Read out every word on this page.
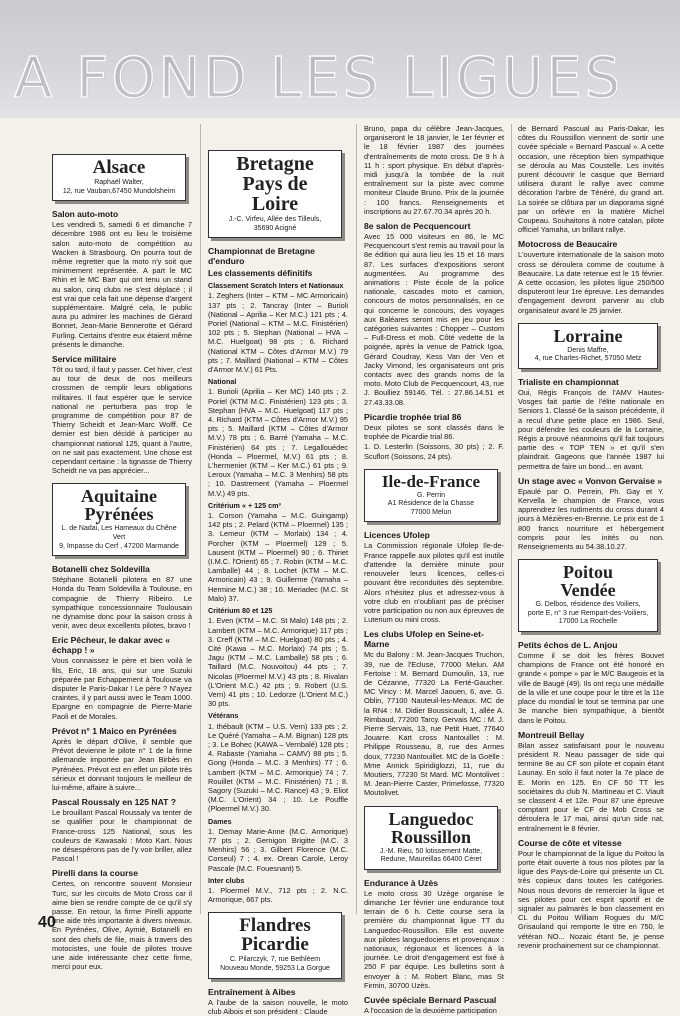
A FOND LES LIGUES
Alsace
Raphaël Walter,
12, rue Vauban,67450 Mundolsheim
Salon auto-moto
Les vendredi 5, samedi 6 et dimanche 7 décembre 1986 ont eu lieu le troisième salon auto-moto de compétition au Wacken à Strasbourg. On pourra tout de même regretter que la moto n'y soit que minimement représentée. A part le MC Rhin et le MC Barr qui ont tenu un stand au salon, cinq clubs ne s'est déplacé ; il est vrai que cela fait une dépense d'argent supplémentaire. Malgré cela, le public aura pu admirer les machines de Gérard Bonnet, Jean-Marie Bennerotte et Gérard Furling. Certains d'entre eux étaient même présents le dimanche.
Service militaire
Tôt ou tard, il faut y passer. Cet hiver, c'est au tour de deux de nos meilleurs crossmen de remplir leurs obligations militaires. Il faut espérer que le service national ne perturbera pas trop le programme de compétition pour 87 de Thierry Scheidt et Jean-Marc Wolff. Ce dernier est bien décidé à participer au championnat national 125, quant à l'autre, on ne sait pas exactement. Une chose est cependant certaine : la tignasse de Thierry Scheidt ne va pas apprécier...
Aquitaine
Pyrénées
L. de Nadai, Les Hameaux du Chêne Vert
9, Impasse du Cerf , 47200 Marmande
Botanelli chez Soldevilla
Stéphane Botanelli pilotera en 87 une Honda du Team Soldevilla à Toulouse, en compagnie de Thierry Ribeiro. Le sympathique concessionnaire Toulousain ne dynamise donc pour la saison cross à venir, avec deux excellents pilotes, bravo !
Eric Pêcheur, le dakar avec « échapp ! »
Vous connaissez le père et bien voilà le fils, Eric, 18 ans, qui sur une Suzuki préparée par Echappement à Toulouse va disputer le Paris-Dakar ! Le père ? N'ayez craintes, il y part aussi avec le Team 1000. Epargne en compagnie de Pierre-Marie Paoli et de Morales.
Prévot n° 1 Maico en Pyrénées
Après le départ d'Olive, il semble que Prévot devienne le pilote n° 1 de la firme allemande importée par Jean Birbès en Pyrénées. Prévot est en effet un pilote très sérieux et donnant toujours le meilleur de lui-même, affaire à suivre...
Pascal Roussaly en 125 NAT ?
Le brouillant Pascal Roussaly va tenter de se qualifier pour le championnat de France-cross 125 National, sous les couleurs de Kawasaki : Moto Kart. Nous ne désespérons pas de l'y voir briller, allez Pascal !
Pirelli dans la course
Certes, on rencontre souvent Monsieur Turc, sur les circuits de Moto Cross car il aime bien se rendre compte de ce qu'il s'y passe. En retour, la firme Pirelli apporte une aide très importante à divers niveaux. En Pyrénées, Olive, Aymié, Botanelli en sont des chefs de file, mais à travers des motocistes, une foule de pilotes trouve une aide intéressante chez cette firme, merci pour eux.
Bretagne
Pays de
Loire
J.-C. Virfeu, Allée des Tilleuls,
35690 Acigné
Championnat de Bretagne d'enduro
Les classements définitifs
Classement Scratch Inters et Nationaux
1. Zeghers (Inter – KTM – MC Armoricain) 137 pts ; 2. Tancray (Inter – Burioli (National – Aprilia – Ker M.C.) 121 pts ; 4. Poriel (National – KTM – M.C. Finistérien) 102 pts ; 5. Stephan (National – HVA – M.C. Huelgoat) 98 pts ; 6. Richard (National KTM – Côtes d'Armor M.V.) 79 pts ; 7. Maillard (National – KTM – Côtes d'Armor M.V.) 61 Pts.
National
1. Burioli (Aprilia – Ker MC) 140 pts ; 2. Poriel (KTM M.C. Finistérien) 123 pts ; 3. Stephan (HVA – M.C. Huelgoat) 117 pts ; 4. Richard (KTM – Côtes d'Armor M.V.) 95 pts ; 5. Maillard (KTM – Côtes d'Armor M.V.) 78 pts ; 6. Barré (Yamaha – M.C. Finistérien) 64 pts ; 7. Legallouédec (Honda – Ploermel, M.V.) 61 pts ; 8. L'hermenier (KTM – Ker M.C.) 61 pts ; 9. Leroux (Yamaha – M.C. 3 Menhirs) 58 pts ; 10. Dastrement (Yamaha – Ploermel M.V.) 49 pts.
Critérium « + 125 cm³
1. Corson (Yamaha – M.C. Guingamp) 142 pts ; 2. Pelard (KTM – Ploermel) 135 ; 3. Lemeur (KTM – Morlaix) 134 ; 4. Porcher (KTM – Ploermel) 129 ; 5. Lausent (KTM – Ploermel) 90 ; 6. Thiriet (I.M.C. l'Orient) 65 ; 7. Robin (KTM – M.C. Lamballe) 44 ; 8. Lochet (KTM – M.C. Armoricain) 43 ; 9. Guillerme (Yamaha – Hermine M.C.) 38 ; 10. Meriadec (M.C. St Malo) 37.
Critérium 80 et 125
1. Even (KTM – M.C. St Malo) 148 pts ; 2. Lambert (KTM – M.C. Armorique) 117 pts ; 3. Creff (KTM – M.C. Huelgoat) 80 pts ; 4. Cité (Kawa – M.C. Morlaix) 74 pts ; 5. Jagu (KTM – M.C. Lamballe) 58 pts ; 6. Taillard (M.C. Nouvoitou) 44 pts ; 7. Nicolas (Ploermel M.V.) 43 pts ; 8. Rivalan (L'Orient M.C.) 42 pts ; 9. Robert (U.S. Vern) 41 pts ; 10. Ledorze (L'Orient M.C.) 30 pts.
Vétérans
1. thébault (KTM – U.S. Vern) 133 pts ; 2. Le Quéré (Yamaha – A.M. Bignan) 128 pts ; 3. Le Bohec (KAWA – Vernbalé) 128 pts ; 4. Rabaste (Yamaha – CAMV) 88 pts ; 5. Gong (Honda – M.C. 3 Menhirs) 77 ; 6. Lambert (KTM – M.C. Armorique) 74 ; 7. Rouillet (KTM – M.C. Finistérien) 71 ; 8. Sagory (Suzuki – M.C. Rance) 43 ; 9. Eliot (M.C. L'Orient) 34 ; 10. Le Pouffle (Ploermel M.V.) 30.
Dames
1. Demay Marie-Anne (M.C. Armorique) 77 pts ; 2. Gernigon Brigitte (M.C. 3 Menhirs) 56 ; 3. Gilbert Florence (M.C. Corseul) 7 ; 4. ex. Orean Carole, Leroy Pascale (M.C. Fouesnant) 5.
Inter clubs
1. Ploermel M.V., 712 pts ; 2. N.C. Armorique, 667 pts.
Flandres
Picardie
C. Pilarczyk, 7, rue Bethléem
Nouveau Monde, 59253 La Gorgue
Entraînement à Aibes
A l'aube de la saison nouvelle, le moto club Aibois et son président : Claude
Bruno, papa du célèbre Jean-Jacques, organiseront le 18 janvier, le 1er février et le 18 février 1987 des journées d'entraînements de moto cross. De 9 h à 11 h : sport physique. En début d'après-midi jusqu'à la tombée de la nuit entraînement sur la piste avec comme moniteur Claude Bruno. Prix de la journée : 100 francs. Renseignements et inscriptions au 27.67.70.34 après 20 h.
8e salon de Pecquencourt
Avec 15 000 visiteurs en 86, le MC Pecquencourt s'est remis au travail pour la 8e édition qui aura lieu les 15 et 16 mars 87. Les surfaces d'expositions seront augmentées. Au programme des animations : Piste école de la police nationale, cascades moto et camion, concours de motos personnalisés, en ce qui concerne le concours, des voyages aux Baléares seront mis en jeu pour les catégories suivantes : Chopper – Custom – Full-Dress et mob. Côté vedette de la poignée, après la venue de Patrick Igoa, Gérard Coudray, Kess Van der Ven et Jacky Vimond, les organisateurs ont pris contacts avec des grands noms de la moto. Moto Club de Pecquencourt, 43, rue J. Boulliez 59146. Tél. : 27.86.14.51 et 27.43.33.08.
Picardie trophée trial 86
Deux pilotes se sont classés dans le trophée de Picardie trial 86.
1. D. Lesterlin (Soissons, 30 pts) ; 2. F. Scuflort (Soissons, 24 pts).
Ile-de-France
G. Perrin
A1 Résidence de la Chasse
77000 Melun
Licences Ufolep
La Commission régionale Ufolep Ile-de-France rappelle aux pilotes qu'il est inutile d'attendre la dernière minute pour renouveler leurs licences, celles-ci pouvant être reconduites dès septembre. Alors n'hésitez plus et adressez-vous à votre club en n'oubliant pas de préciser votre participation ou non aux épreuves de Luterium ou mini cross.
Les clubs Ufolep en Seine-et-Marne
Mc du Balony : M. Jean-Jacques Truchon, 39, rue de l'Ecluse, 77000 Melun. AM Fertoise : M. Bernard Dumoulin, 13, rue de Cézanne, 77320 La Ferté-Gaucher. MC Vincy : M. Marcel Jaouen, 6, ave. G. Oblin, 77100 Nauteuil-les-Meaux. MC de la RN4 : M. Didier Boussicault, 1, allée A. Rimbaud, 77200 Tarcy. Gervais MC : M. J. Pierre Servais, 13, rue Petit Huet, 77640 Jouarre. Kart cross Nantouillet : M. Philippe Rousseau, 8, rue des Armes doux, 77230 Nantouillet. MC de la Goëlle : Mme Annick Spiridiglozzi, 11, rue du Moutiers, 77230 St Mard. MC Montolivet : M. Jean-Pierre Caster, Primefosse, 77320 Moutolivet.
Languedoc
Roussillon
J.-M. Rieu, 50 lotissement Matte,
Redune, Maureillas 66400 Céret
Endurance à Uzès
Le moto cross 30 Uzège organise le dimanche 1er février une endurance tout terrain de 6 h. Cette course sera la première du championnat ligue TT du Languedoc-Roussillon. Elle est ouverte aux pilotes languedociens et provençaux : nationaux, régionaux et licences à la journée. Le droit d'engagement est fixé à 250 F par équipe. Les bulletins sont à envoyer à : M. Robert Blanc, mas St Firmin, 30700 Uzès.
Cuvée spéciale Bernard Pascual
A l'occasion de la deuxième participation
de Bernard Pascual au Paris-Dakar, les côtes du Roussillon viennent de sortir une cuvée spéciale « Bernard Pascual ». A cette occasion, une réception bien sympathique se déroula au Mas Coustelle. Les invités purent découvrir le casque que Bernard utilisera durant le rallye avec comme décoration l'arbre de Ténéré, du grand art. La soirée se clôtura par un diaporama signé par un orfèvre en la matière Michel Coupeau. Souhaitons à notre catalan, pilote officiel Yamaha, un brillant rallye.
Motocross de Beaucaire
L'ouverture internationale de la saison moto cross se déroulera comme de coutume à Beaucaire. La date retenue est le 15 février. A cette occasion, les pilotes ligue 250/500 disputeront leur 1re épreuve. Les demandes d'engagement devront parvenir au club organisateur avant le 25 janvier.
Lorraine
Denis Maffre,
4, rue Charles-Richet, 57050 Metz
Trialiste en championnat
Oui, Régis François de l'AMV Hautes-Vosges fait partie de l'élite nationale en Seniors 1. Classé 6e la saison précédente, il a recul d'une petite place en 1986. Seul, pour défendre les couleurs de la Lorraine, Régis a prouvé néanmoins qu'il fait toujours partie des « TOP TEN » et qu'il s'en plaindrait. Gageons que l'année 1987 lui permettra de faire un bond... en avant.
Un stage avec « Vonvon Gervaise »
Epaulé par O. Perrein, Ph. Gay et Y. Kervella le champion de France, vous apprendrez les rudiments du cross durant 4 jours à Mézières-en-Brenne. Le prix est de 1 800 francs nourriture et hébergement compris pour les inités ou non. Renseignements au 54.38.10.27.
Poitou
Vendée
G. Delbos, résidence des Voiliers,
porte E, n° 3 rue Rempart-des-Voiliers,
17000 La Rochelle
Petits échos de L. Anjou
Comme il se doit les frères Bouvet champions de France ont été honoré en grande « pompe » par le M/C Baugeois et la ville de Baugé (49). Ils ont reçu une médaille de la ville et une coupe pour le titre et la 11e place du mondial le tout se termina par une 3e manche bien sympathique, à bientôt dans le Poitou.
Montreuil Bellay
Bilan assez satisfaisant pour le nouveau président R. Neau passager de side qui termine 8e au CF son pilote et copain étant Launay. En solo il faut noter la 7e place de E. Morin en 125. En CF 50 TT les sociétaires du club N. Martineau et C. Viault se classent 4 et 12e. Pour 87 une épreuve comptant pour le CF de Mob Cross se déroulera le 17 mai, ainsi qu'un side nat, entraînement le 8 février.
Course de côte et vitesse
Pour le championnat de la ligue du Poitou la porte était ouverte à tous nos pilotes par la ligue des Pays-de-Loire qui présente un CL très copieux dans toutes les catégories. Nous nous devons de remercier la ligue et ses pilotes pour cet esprit sportif et de signaler au palmarès le bon classement en CL du Poitou William Rogues du M/C Grisauland qui remporte le titre en 750, le vétéran NO... Nozaic étant 5e, je pense revenir prochainement sur ce championnat.
40
